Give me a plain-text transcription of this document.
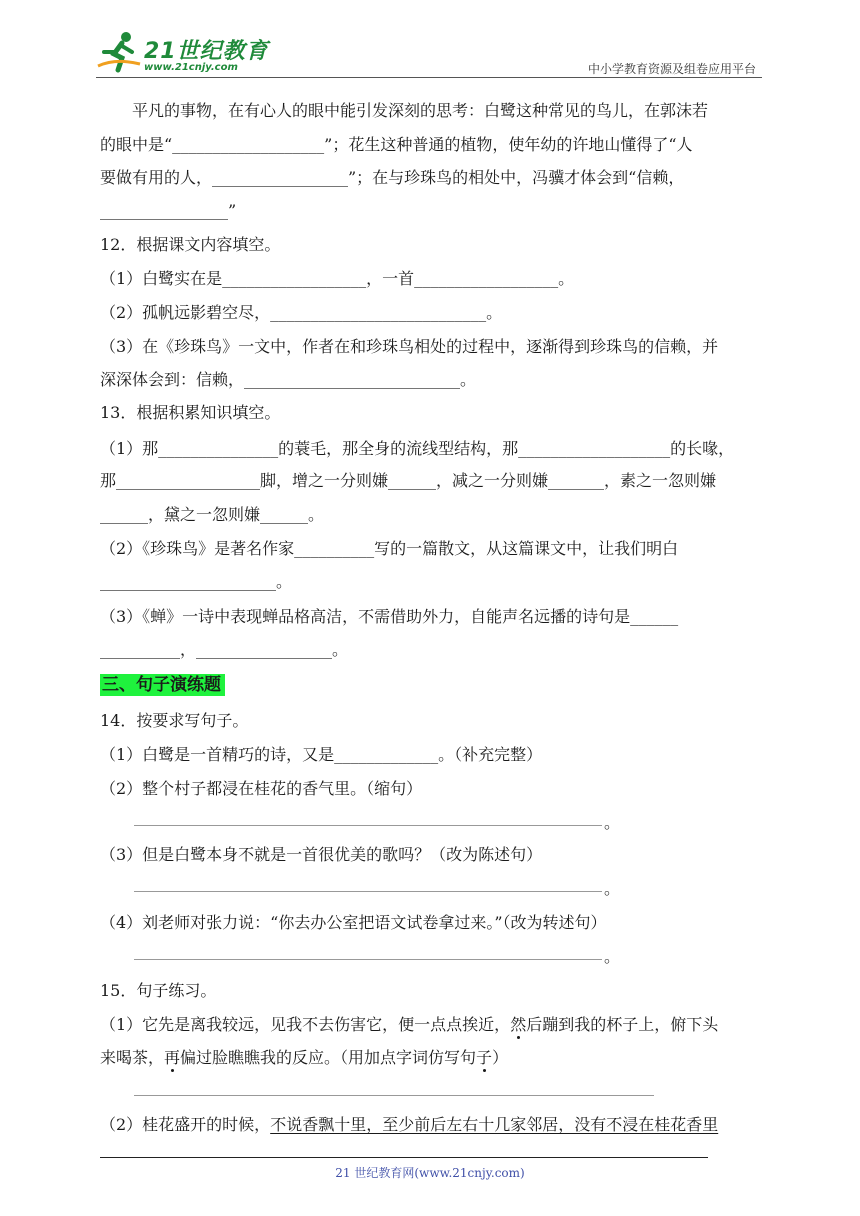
21世纪教育
www.21cnjy.com	中小学教育资源及组卷应用平台
平凡的事物，在有心人的眼中能引发深刻的思考：白鹭这种常见的鸟儿，在郭沫若
的眼中是“___________________”；花生这种普通的植物，使年幼的许地山懂得了“人
要做有用的人，_________________”；在与珍珠鸟的相处中，冯骥才体会到“信赖，
________________”
12．根据课文内容填空。
（1）白鹭实在是__________________，一首__________________。
（2）孤帆远影碧空尽，___________________________。
（3）在《珍珠鸟》一文中，作者在和珍珠鸟相处的过程中，逐渐得到珍珠鸟的信赖，并
深深体会到：信赖，___________________________。
13．根据积累知识填空。
（1）那_______________的蓑毛，那全身的流线型结构，那___________________的长喙，
那__________________脚，增之一分则嫌______，减之一分则嫌_______，素之一忽则嫌
______，黛之一忽则嫌______。
（2）《珍珠鸟》是著名作家__________写的一篇散文，从这篇课文中，让我们明白
______________________。
（3）《蝉》一诗中表现蝉品格高洁，不需借助外力，自能声名远播的诗句是______
__________，_________________。
三、句子演练题
14．按要求写句子。
（1）白鹭是一首精巧的诗，又是_____________。（补充完整）
（2）整个村子都浸在桂花的香气里。（缩句）
。
（3）但是白鹭本身不就是一首很优美的歌吗？（改为陈述句）
。
（4）刘老师对张力说：“你去办公室把语文试卷拿过来。”（改为转述句）
。
15．句子练习。
（1）它先是离我较远，见我不去伤害它，便一点点挨近，然后蹦到我的杯子上，俯下头
来喝茶，再偏过脸瞧瞧我的反应。（用加点字词仿写句子）
（2）桂花盛开的时候，不说香飘十里，至少前后左右十几家邻居，没有不浸在桂花香里
21 世纪教育网(www.21cnjy.com)
